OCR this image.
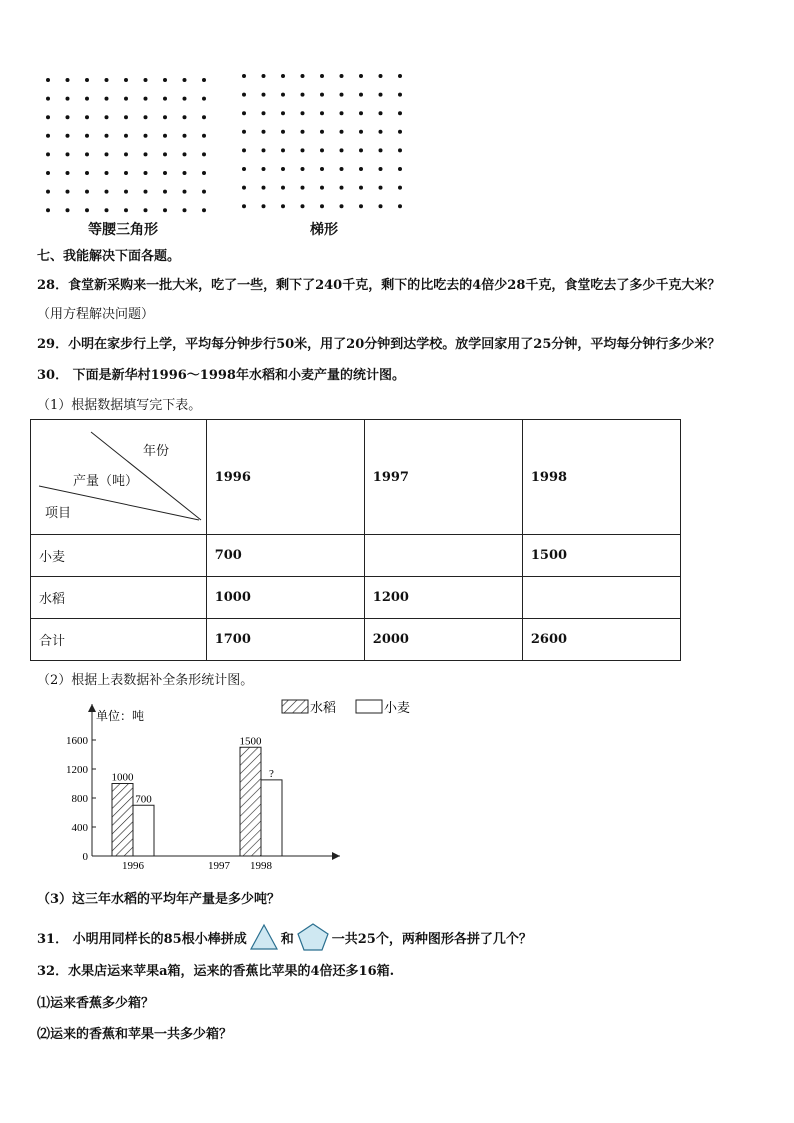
等腰三角形	梯形
七、我能解决下面各题。
28．食堂新采购来一批大米，吃了一些，剩下了240千克，剩下的比吃去的4倍少28千克，食堂吃去了多少千克大米？
（用方程解决问题）
29．小明在家步行上学，平均每分钟步行50米，用了20分钟到达学校。放学回家用了25分钟，平均每分钟行多少米？
30． 下面是新华村1996～1998年水稻和小麦产量的统计图。
（1）根据数据填写完下表。
年份
产量（吨）
项目	1996	1997	1998
小麦	700		1500
水稻	1000	1200	
合计	1700	2000	2600
（2）根据上表数据补全条形统计图。
单位：吨
0
400
800
1200
1600
1996
1000
700
1997 1998
1500
?
水稻	小麦
（3）这三年水稻的平均年产量是多少吨？
31． 小明用同样长的85根小棒拼成	和	一共25个，两种图形各拼了几个？
32．水果店运来苹果a箱，运来的香蕉比苹果的4倍还多16箱.
⑴运来香蕉多少箱？
⑵运来的香蕉和苹果一共多少箱？
